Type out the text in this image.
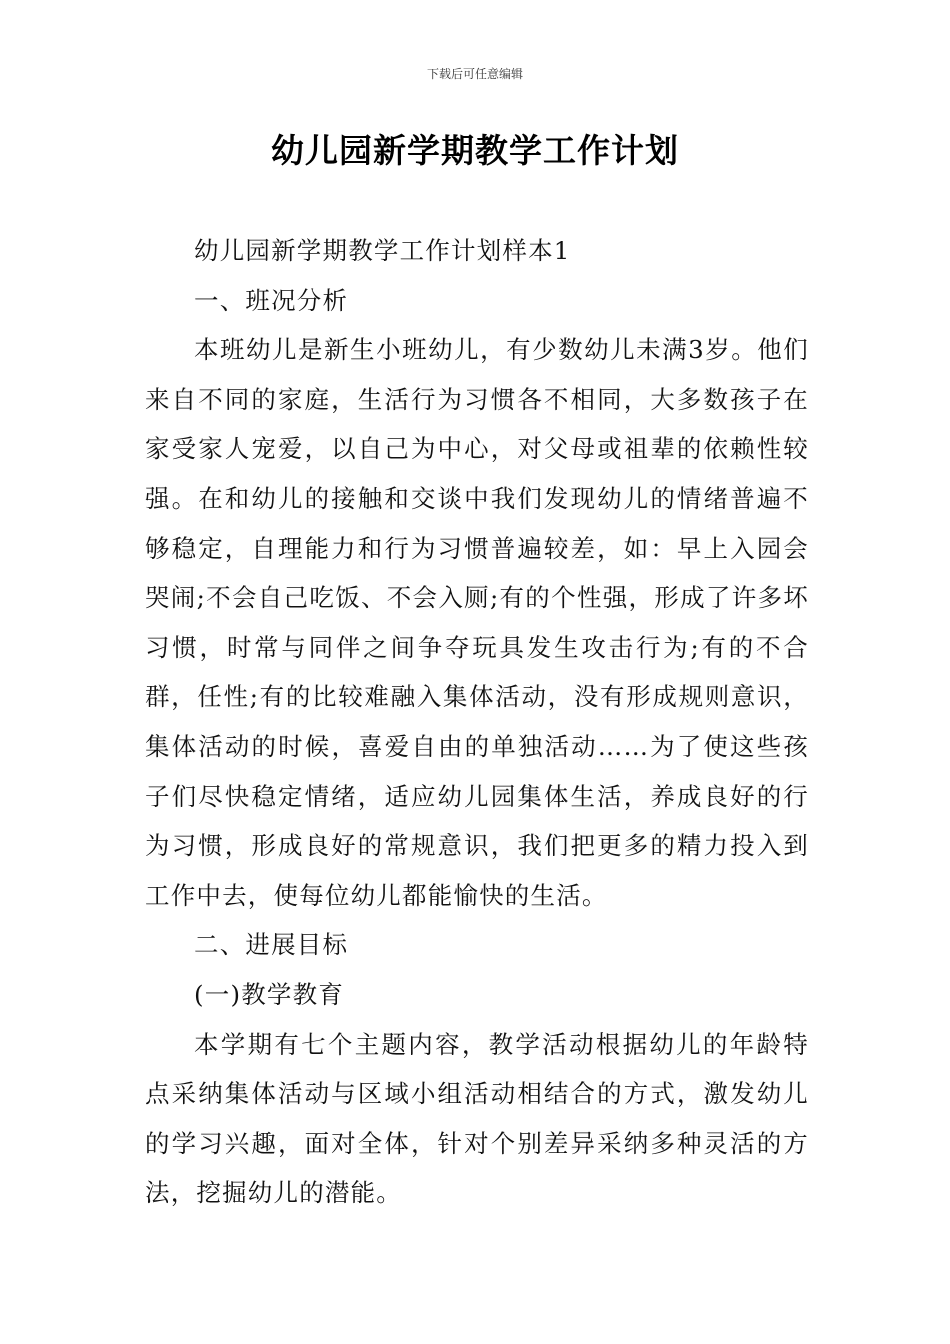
下载后可任意编辑
幼儿园新学期教学工作计划

幼儿园新学期教学工作计划样本1

一、班况分析

本班幼儿是新生小班幼儿，有少数幼儿未满3岁。他们来自不同的家庭，生活行为习惯各不相同，大多数孩子在家受家人宠爱，以自己为中心，对父母或祖辈的依赖性较强。在和幼儿的接触和交谈中我们发现幼儿的情绪普遍不够稳定，自理能力和行为习惯普遍较差，如：早上入园会哭闹;不会自己吃饭、不会入厕;有的个性强，形成了许多坏习惯，时常与同伴之间争夺玩具发生攻击行为;有的不合群，任性;有的比较难融入集体活动，没有形成规则意识，集体活动的时候，喜爱自由的单独活动……为了使这些孩子们尽快稳定情绪，适应幼儿园集体生活，养成良好的行为习惯，形成良好的常规意识，我们把更多的精力投入到工作中去，使每位幼儿都能愉快的生活。

二、进展目标

(一)教学教育

本学期有七个主题内容，教学活动根据幼儿的年龄特点采纳集体活动与区域小组活动相结合的方式，激发幼儿的学习兴趣，面对全体，针对个别差异采纳多种灵活的方法，挖掘幼儿的潜能。
